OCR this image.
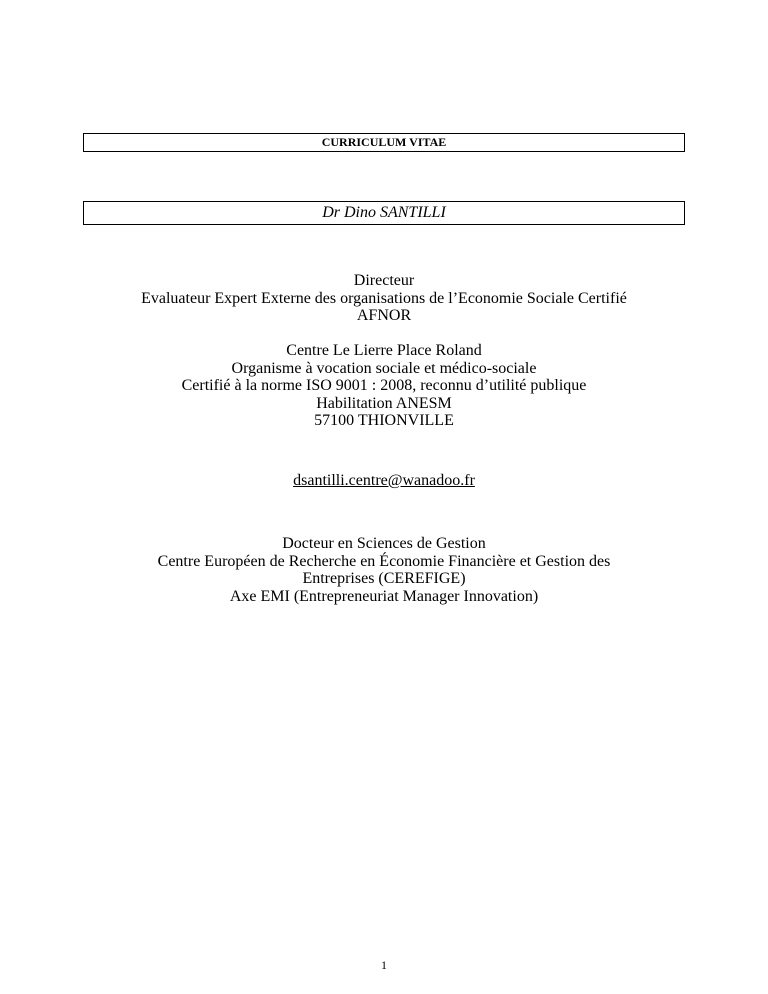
CURRICULUM VITAE
Dr Dino SANTILLI
Directeur
Evaluateur Expert Externe des organisations de l’Economie Sociale Certifié
AFNOR
Centre Le Lierre Place Roland
Organisme à vocation sociale et médico-sociale
Certifié à la norme ISO 9001 : 2008, reconnu d’utilité publique
Habilitation ANESM
57100 THIONVILLE
dsantilli.centre@wanadoo.fr
Docteur en Sciences de Gestion
Centre Européen de Recherche en Économie Financière et Gestion des
Entreprises (CEREFIGE)
Axe EMI (Entrepreneuriat Manager Innovation)
1
